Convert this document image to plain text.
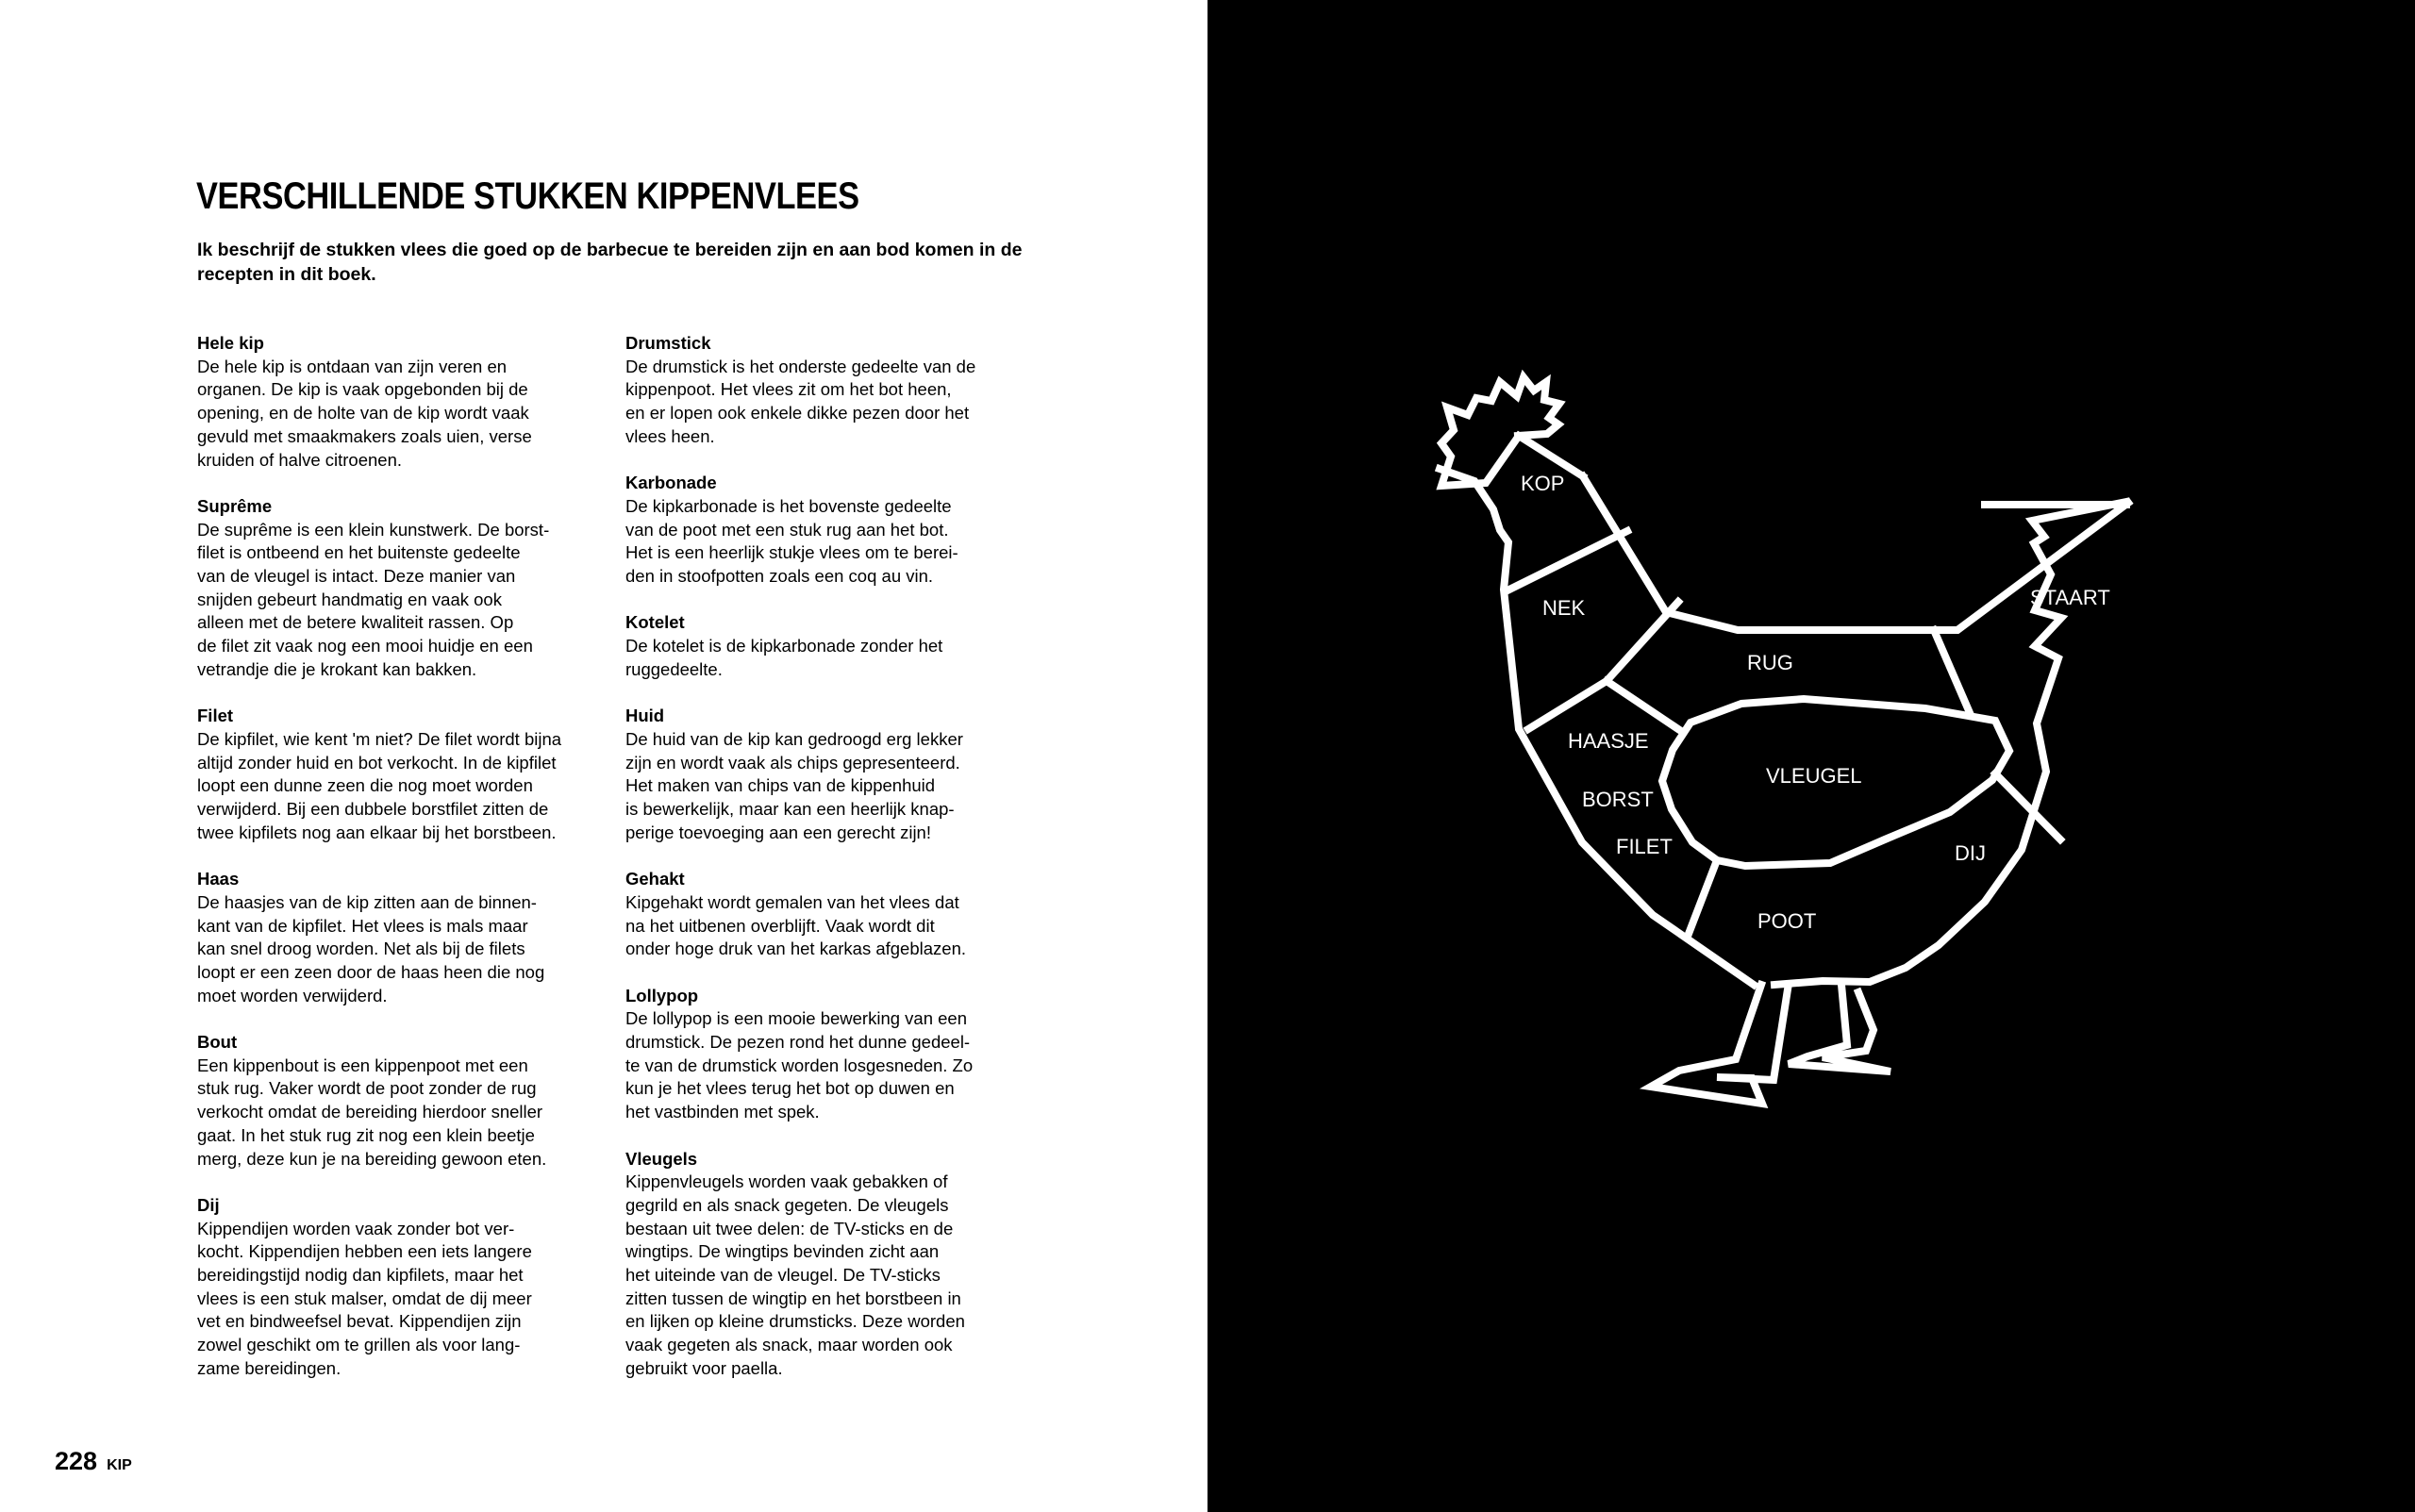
VERSCHILLENDE STUKKEN KIPPENVLEES

Ik beschrijf de stukken vlees die goed op de barbecue te bereiden zijn en aan bod komen in de recepten in dit boek.

Hele kip
De hele kip is ontdaan van zijn veren en
organen. De kip is vaak opgebonden bij de
opening, en de holte van de kip wordt vaak
gevuld met smaakmakers zoals uien, verse
kruiden of halve citroenen.
Suprême
De suprême is een klein kunstwerk. De borst-
filet is ontbeend en het buitenste gedeelte
van de vleugel is intact. Deze manier van
snijden gebeurt handmatig en vaak ook
alleen met de betere kwaliteit rassen. Op
de filet zit vaak nog een mooi huidje en een
vetrandje die je krokant kan bakken.
Filet
De kipfilet, wie kent 'm niet? De filet wordt bijna
altijd zonder huid en bot verkocht. In de kipfilet
loopt een dunne zeen die nog moet worden
verwijderd. Bij een dubbele borstfilet zitten de
twee kipfilets nog aan elkaar bij het borstbeen.
Haas
De haasjes van de kip zitten aan de binnen-
kant van de kipfilet. Het vlees is mals maar
kan snel droog worden. Net als bij de filets
loopt er een zeen door de haas heen die nog
moet worden verwijderd.
Bout
Een kippenbout is een kippenpoot met een
stuk rug. Vaker wordt de poot zonder de rug
verkocht omdat de bereiding hierdoor sneller
gaat. In het stuk rug zit nog een klein beetje
merg, deze kun je na bereiding gewoon eten.
Dij
Kippendijen worden vaak zonder bot ver-
kocht. Kippendijen hebben een iets langere
bereidingstijd nodig dan kipfilets, maar het
vlees is een stuk malser, omdat de dij meer
vet en bindweefsel bevat. Kippendijen zijn
zowel geschikt om te grillen als voor lang-
zame bereidingen.
Drumstick
De drumstick is het onderste gedeelte van de
kippenpoot. Het vlees zit om het bot heen,
en er lopen ook enkele dikke pezen door het
vlees heen.
Karbonade
De kipkarbonade is het bovenste gedeelte
van de poot met een stuk rug aan het bot.
Het is een heerlijk stukje vlees om te berei-
den in stoofpotten zoals een coq au vin.
Kotelet
De kotelet is de kipkarbonade zonder het
ruggedeelte.
Huid
De huid van de kip kan gedroogd erg lekker
zijn en wordt vaak als chips gepresenteerd.
Het maken van chips van de kippenhuid
is bewerkelijk, maar kan een heerlijk knap-
perige toevoeging aan een gerecht zijn!
Gehakt
Kipgehakt wordt gemalen van het vlees dat
na het uitbenen overblijft. Vaak wordt dit
onder hoge druk van het karkas afgeblazen.
Lollypop
De lollypop is een mooie bewerking van een
drumstick. De pezen rond het dunne gedeel-
te van de drumstick worden losgesneden. Zo
kun je het vlees terug het bot op duwen en
het vastbinden met spek.
Vleugels
Kippenvleugels worden vaak gebakken of
gegrild en als snack gegeten. De vleugels
bestaan uit twee delen: de TV-sticks en de
wingtips. De wingtips bevinden zicht aan
het uiteinde van de vleugel. De TV-sticks
zitten tussen de wingtip en het borstbeen in
en lijken op kleine drumsticks. Deze worden
vaak gegeten als snack, maar worden ook
gebruikt voor paella.
228 KIP
KOP
NEK	STAART
RUG
HAASJE
VLEUGEL
BORST
FILET	DIJ
POOT
